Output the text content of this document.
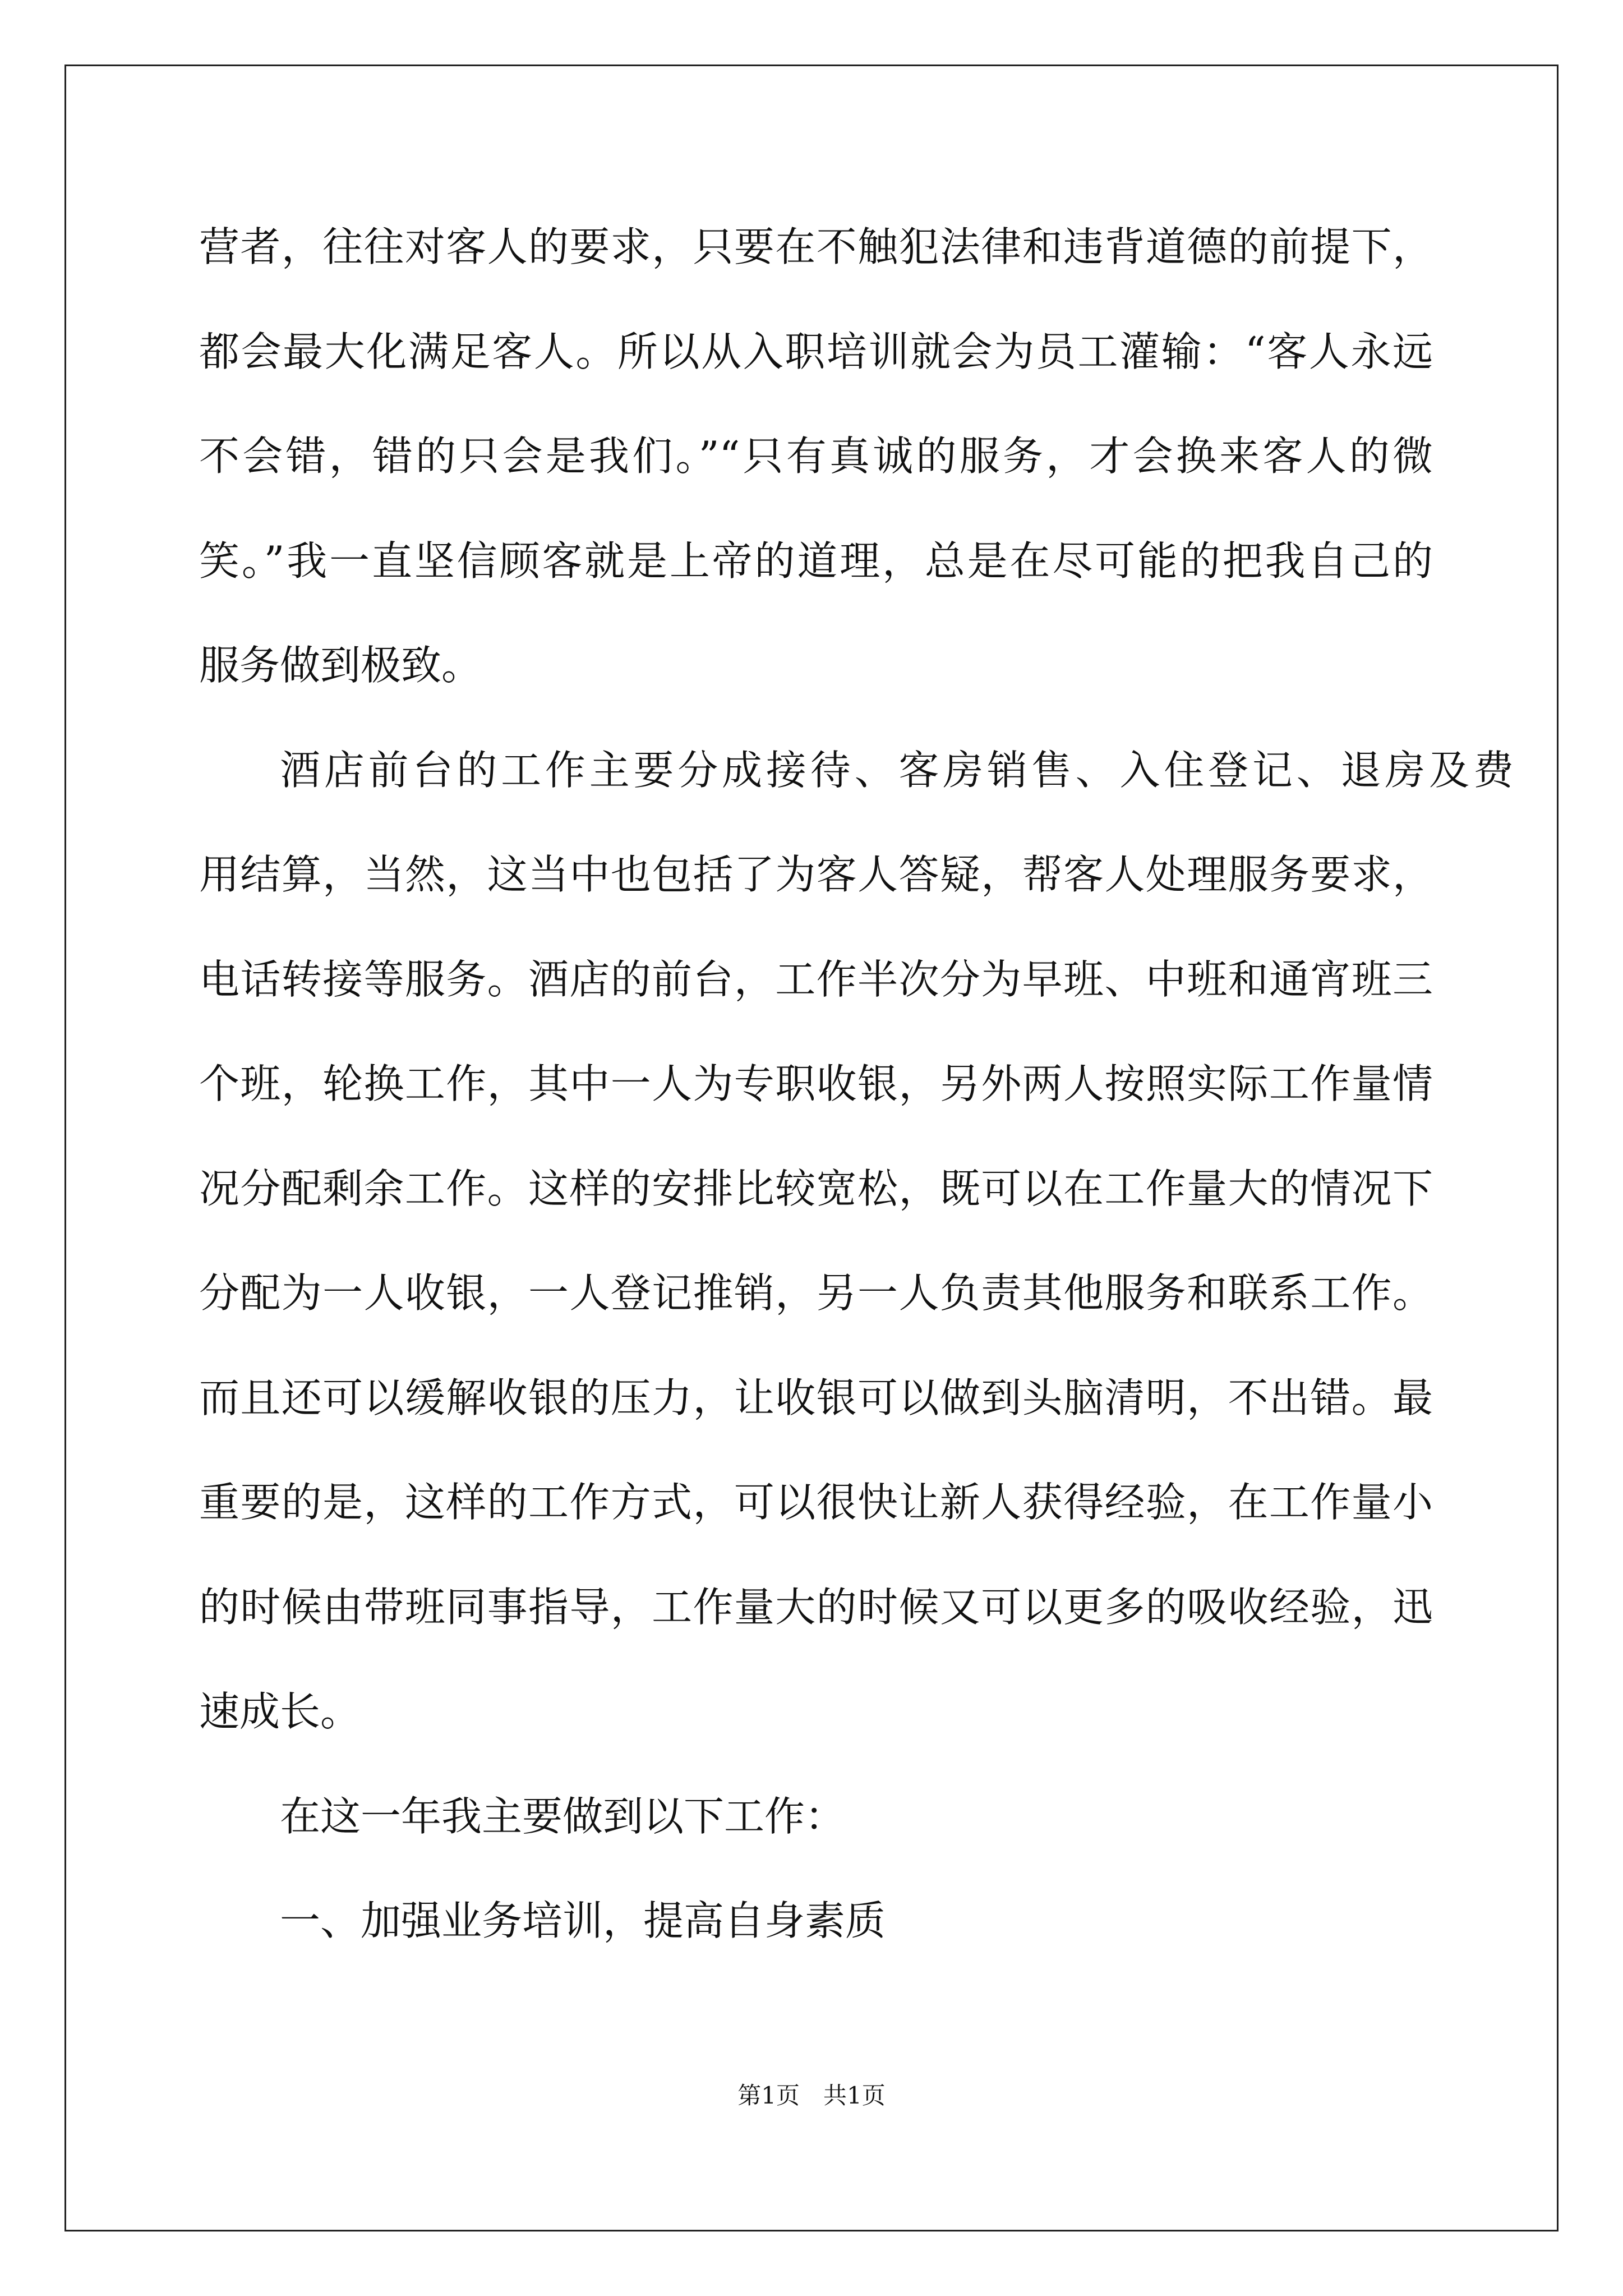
营者，往往对客人的要求，只要在不触犯法律和违背道德的前提下，
都会最大化满足客人。所以从入职培训就会为员工灌输：“客人永远
不会错，错的只会是我们。”“只有真诚的服务，才会换来客人的微
笑。”我一直坚信顾客就是上帝的道理，总是在尽可能的把我自己的
服务做到极致。
酒店前台的工作主要分成接待、客房销售、入住登记、退房及费
用结算，当然，这当中也包括了为客人答疑，帮客人处理服务要求，
电话转接等服务。酒店的前台，工作半次分为早班、中班和通宵班三
个班，轮换工作，其中一人为专职收银，另外两人按照实际工作量情
况分配剩余工作。这样的安排比较宽松，既可以在工作量大的情况下
分配为一人收银，一人登记推销，另一人负责其他服务和联系工作。
而且还可以缓解收银的压力，让收银可以做到头脑清明，不出错。最
重要的是，这样的工作方式，可以很快让新人获得经验，在工作量小
的时候由带班同事指导，工作量大的时候又可以更多的吸收经验，迅
速成长。
在这一年我主要做到以下工作：
一、加强业务培训，提高自身素质
第1页　共1页
